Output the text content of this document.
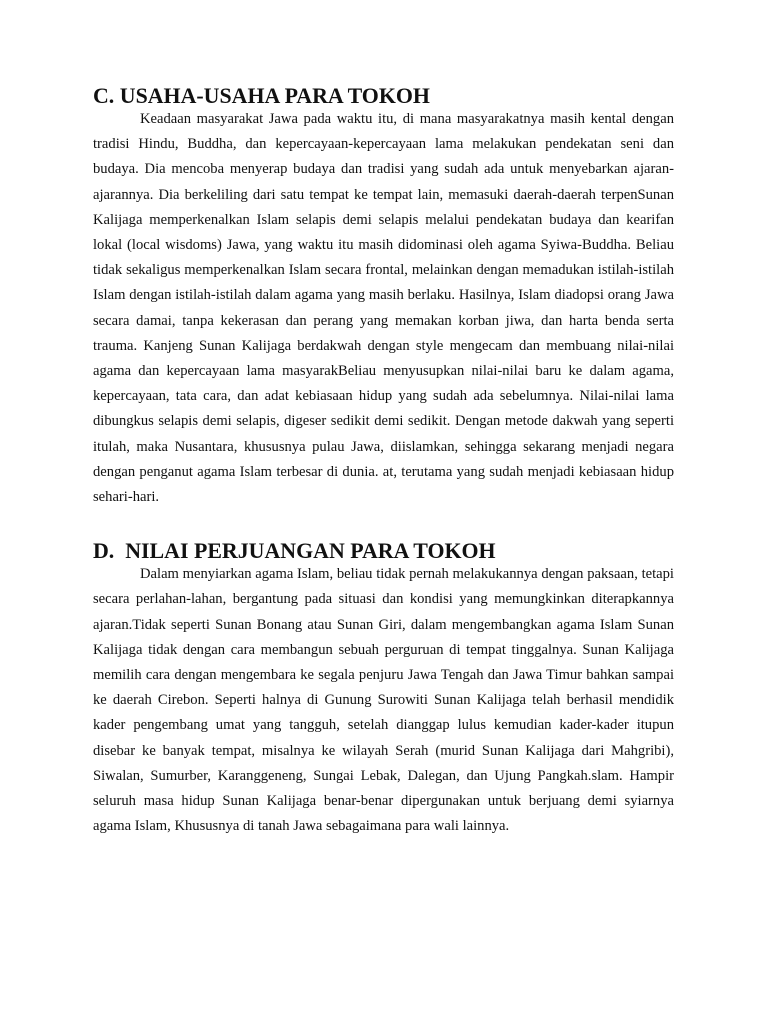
C. USAHA-USAHA PARA TOKOH

Keadaan masyarakat Jawa pada waktu itu, di mana masyarakatnya masih kental dengan tradisi Hindu, Buddha, dan kepercayaan-kepercayaan lama melakukan pendekatan seni dan budaya. Dia mencoba menyerap budaya dan tradisi yang sudah ada untuk menyebarkan ajaran-ajarannya. Dia berkeliling dari satu tempat ke tempat lain, memasuki daerah-daerah terpenSunan Kalijaga memperkenalkan Islam selapis demi selapis melalui pendekatan budaya dan kearifan lokal (local wisdoms) Jawa, yang waktu itu masih didominasi oleh agama Syiwa-Buddha. Beliau tidak sekaligus memperkenalkan Islam secara frontal, melainkan dengan memadukan istilah-istilah Islam dengan istilah-istilah dalam agama yang masih berlaku. Hasilnya, Islam diadopsi orang Jawa secara damai, tanpa kekerasan dan perang yang memakan korban jiwa, dan harta benda serta trauma. Kanjeng Sunan Kalijaga berdakwah dengan style mengecam dan membuang nilai-nilai agama dan kepercayaan lama masyarakBeliau menyusupkan nilai-nilai baru ke dalam agama, kepercayaan, tata cara, dan adat kebiasaan hidup yang sudah ada sebelumnya. Nilai-nilai lama dibungkus selapis demi selapis, digeser sedikit demi sedikit. Dengan metode dakwah yang seperti itulah, maka Nusantara, khususnya pulau Jawa, diislamkan, sehingga sekarang menjadi negara dengan penganut agama Islam terbesar di dunia. at, terutama yang sudah menjadi kebiasaan hidup sehari-hari.

D.  NILAI PERJUANGAN PARA TOKOH

Dalam menyiarkan agama Islam, beliau tidak pernah melakukannya dengan paksaan, tetapi secara perlahan-lahan, bergantung pada situasi dan kondisi yang memungkinkan diterapkannya ajaran.Tidak seperti Sunan Bonang atau Sunan Giri, dalam mengembangkan agama Islam Sunan Kalijaga tidak dengan cara membangun sebuah perguruan di tempat tinggalnya. Sunan Kalijaga memilih cara dengan mengembara ke segala penjuru Jawa Tengah dan Jawa Timur bahkan sampai ke daerah Cirebon. Seperti halnya di Gunung Surowiti Sunan Kalijaga telah berhasil mendidik kader pengembang umat yang tangguh, setelah dianggap lulus kemudian kader-kader itupun disebar ke banyak tempat, misalnya ke wilayah Serah (murid Sunan Kalijaga dari Mahgribi), Siwalan, Sumurber, Karanggeneng, Sungai Lebak, Dalegan, dan Ujung Pangkah.slam. Hampir seluruh masa hidup Sunan Kalijaga benar-benar dipergunakan untuk berjuang demi syiarnya agama Islam, Khususnya di tanah Jawa sebagaimana para wali lainnya.
